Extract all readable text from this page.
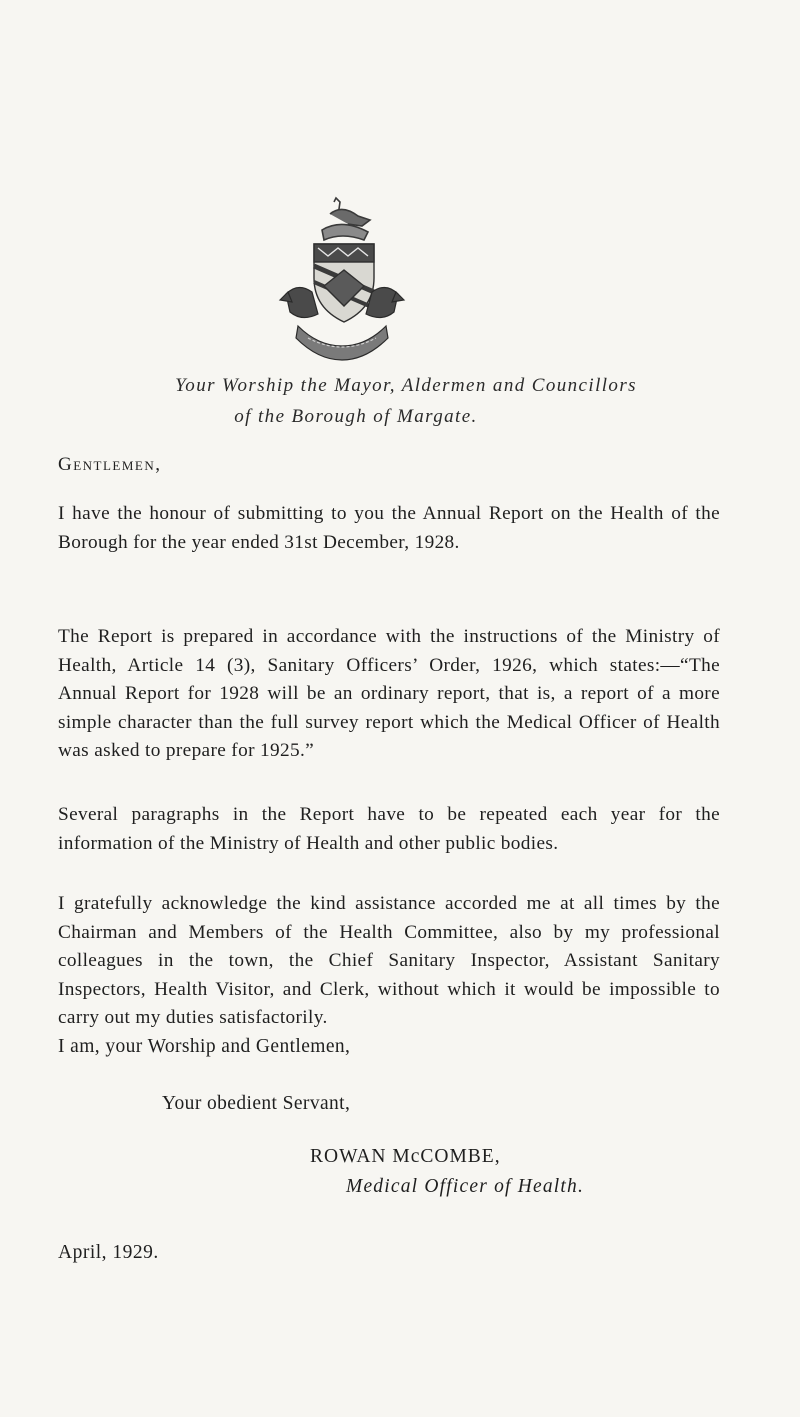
Your Worship the Mayor, Aldermen and Councillors
of the Borough of Margate.
Gentlemen,

I have the honour of submitting to you the Annual Report on the Health of the Borough for the year ended 31st December, 1928.

The Report is prepared in accordance with the instructions of the Ministry of Health, Article 14 (3), Sanitary Officers’ Order, 1926, which states:—“The Annual Report for 1928 will be an ordinary report, that is, a report of a more simple character than the full survey report which the Medical Officer of Health was asked to prepare for 1925.”

Several paragraphs in the Report have to be repeated each year for the information of the Ministry of Health and other public bodies.

I gratefully acknowledge the kind assistance accorded me at all times by the Chairman and Members of the Health Committee, also by my professional colleagues in the town, the Chief Sanitary Inspector, Assistant Sanitary Inspectors, Health Visitor, and Clerk, without which it would be impossible to carry out my duties satisfactorily.

I am, your Worship and Gentlemen,
Your obedient Servant,
ROWAN McCOMBE,
Medical Officer of Health.
April, 1929.
